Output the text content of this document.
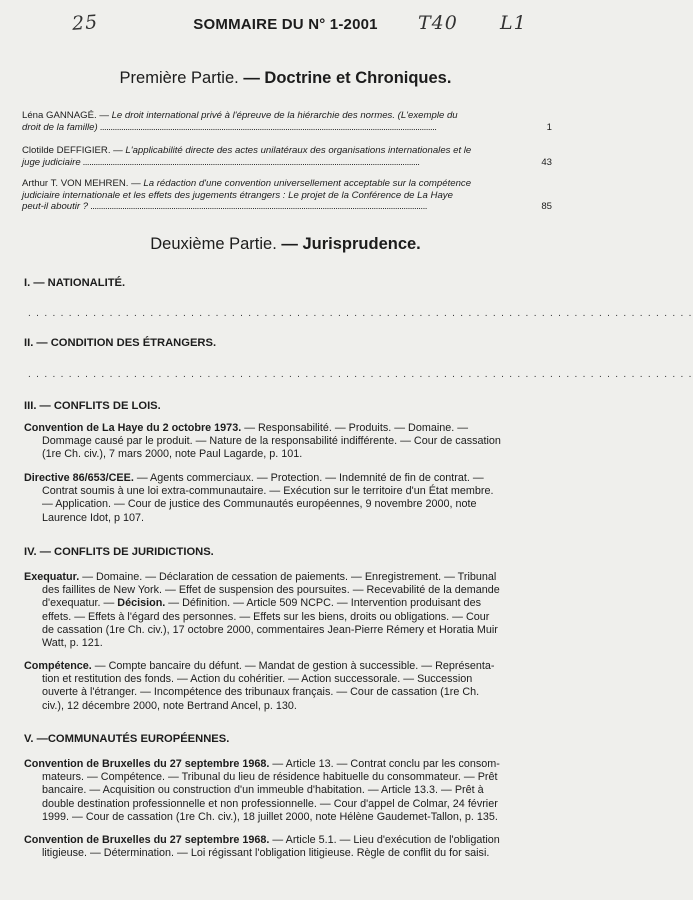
25	T40 L1
SOMMAIRE DU N° 1-2001
Première Partie. — Doctrine et Chroniques.
Léna GANNAGÉ. — Le droit international privé à l'épreuve de la hiérarchie des normes. (L'exemple du
droit de la famille) . . .	1
Clotilde DEFFIGIER. — L'applicabilité directe des actes unilatéraux des organisations internationales et le
juge judiciaire . . .	43
Arthur T. VON MEHREN. — La rédaction d'une convention universellement acceptable sur la compétence
judiciaire internationale et les effets des jugements étrangers : Le projet de la Conférence de La Haye
peut-il aboutir ? . . .	85
Deuxième Partie. — Jurisprudence.
I. — NATIONALITÉ.
. . . . . . . . . . . . . . . . . . . . . . . . . . . . . . . . . . . . . . . . . . . . . . . . . . . . . . . . . . . . . . . . . . . . . . . . . . . . . . . . . .
II. — CONDITION DES ÉTRANGERS.
. . . . . . . . . . . . . . . . . . . . . . . . . . . . . . . . . . . . . . . . . . . . . . . . . . . . . . . . . . . . . . . . . . . . . . . . . . . . . . . . . .
III. — CONFLITS DE LOIS.
Convention de La Haye du 2 octobre 1973. — Responsabilité. — Produits. — Domaine. —
Dommage causé par le produit. — Nature de la responsabilité indifférente. — Cour de cassation
(1re Ch. civ.), 7 mars 2000, note Paul Lagarde, p. 101.
Directive 86/653/CEE. — Agents commerciaux. — Protection. — Indemnité de fin de contrat. —
Contrat soumis à une loi extra-communautaire. — Exécution sur le territoire d'un État membre.
— Application. — Cour de justice des Communautés européennes, 9 novembre 2000, note
Laurence Idot, p 107.
IV. — CONFLITS DE JURIDICTIONS.
Exequatur. — Domaine. — Déclaration de cessation de paiements. — Enregistrement. — Tribunal
des faillites de New York. — Effet de suspension des poursuites. — Recevabilité de la demande
d'exequatur. — Décision. — Définition. — Article 509 NCPC. — Intervention produisant des
effets. — Effets à l'égard des personnes. — Effets sur les biens, droits ou obligations. — Cour
de cassation (1re Ch. civ.), 17 octobre 2000, commentaires Jean-Pierre Rémery et Horatia Muir
Watt, p. 121.
Compétence. — Compte bancaire du défunt. — Mandat de gestion à successible. — Représenta-
tion et restitution des fonds. — Action du cohéritier. — Action successorale. — Succession
ouverte à l'étranger. — Incompétence des tribunaux français. — Cour de cassation (1re Ch.
civ.), 12 décembre 2000, note Bertrand Ancel, p. 130.
V. —COMMUNAUTÉS EUROPÉENNES.
Convention de Bruxelles du 27 septembre 1968. — Article 13. — Contrat conclu par les consom-
mateurs. — Compétence. — Tribunal du lieu de résidence habituelle du consommateur. — Prêt
bancaire. — Acquisition ou construction d'un immeuble d'habitation. — Article 13.3. — Prêt à
double destination professionnelle et non professionnelle. — Cour d'appel de Colmar, 24 février
1999. — Cour de cassation (1re Ch. civ.), 18 juillet 2000, note Hélène Gaudemet-Tallon, p. 135.
Convention de Bruxelles du 27 septembre 1968. — Article 5.1. — Lieu d'exécution de l'obligation
litigieuse. — Détermination. — Loi régissant l'obligation litigieuse. Règle de conflit du for saisi.
